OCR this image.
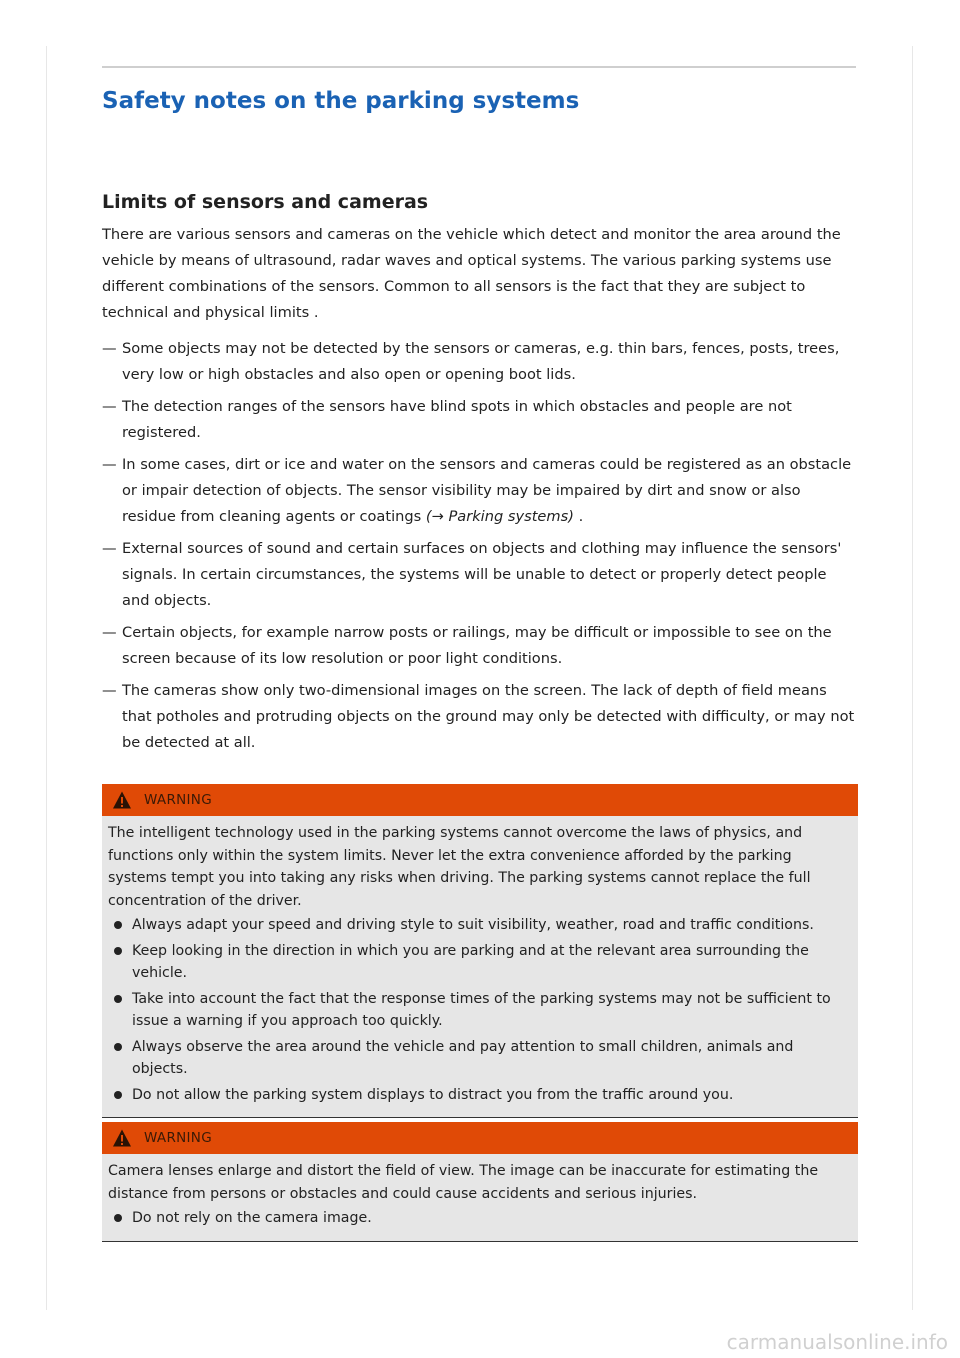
Safety notes on the parking systems
Limits of sensors and cameras

There are various sensors and cameras on the vehicle which detect and monitor the area around the vehicle by means of ultrasound, radar waves and optical systems. The various parking systems use different combinations of the sensors. Common to all sensors is the fact that they are subject to technical and physical limits .

— Some objects may not be detected by the sensors or cameras, e.g. thin bars, fences, posts, trees, very low or high obstacles and also open or opening boot lids.
— The detection ranges of the sensors have blind spots in which obstacles and people are not registered.
— In some cases, dirt or ice and water on the sensors and cameras could be registered as an obstacle or impair detection of objects. The sensor visibility may be impaired by dirt and snow or also residue from cleaning agents or coatings (→ Parking systems) .
— External sources of sound and certain surfaces on objects and clothing may influence the sensors' signals. In certain circumstances, the systems will be unable to detect or properly detect people and objects.
— Certain objects, for example narrow posts or railings, may be difficult or impossible to see on the screen because of its low resolution or poor light conditions.
— The cameras show only two-dimensional images on the screen. The lack of depth of field means that potholes and protruding objects on the ground may only be detected with difficulty, or may not be detected at all.
WARNING

The intelligent technology used in the parking systems cannot overcome the laws of physics, and functions only within the system limits. Never let the extra convenience afforded by the parking systems tempt you into taking any risks when driving. The parking systems cannot replace the full concentration of the driver.

Always adapt your speed and driving style to suit visibility, weather, road and traffic conditions.
Keep looking in the direction in which you are parking and at the relevant area surrounding the vehicle.
Take into account the fact that the response times of the parking systems may not be sufficient to issue a warning if you approach too quickly.
Always observe the area around the vehicle and pay attention to small children, animals and objects.
Do not allow the parking system displays to distract you from the traffic around you.
WARNING

Camera lenses enlarge and distort the field of view. The image can be inaccurate for estimating the distance from persons or obstacles and could cause accidents and serious injuries.

Do not rely on the camera image.
carmanualsonline.info
